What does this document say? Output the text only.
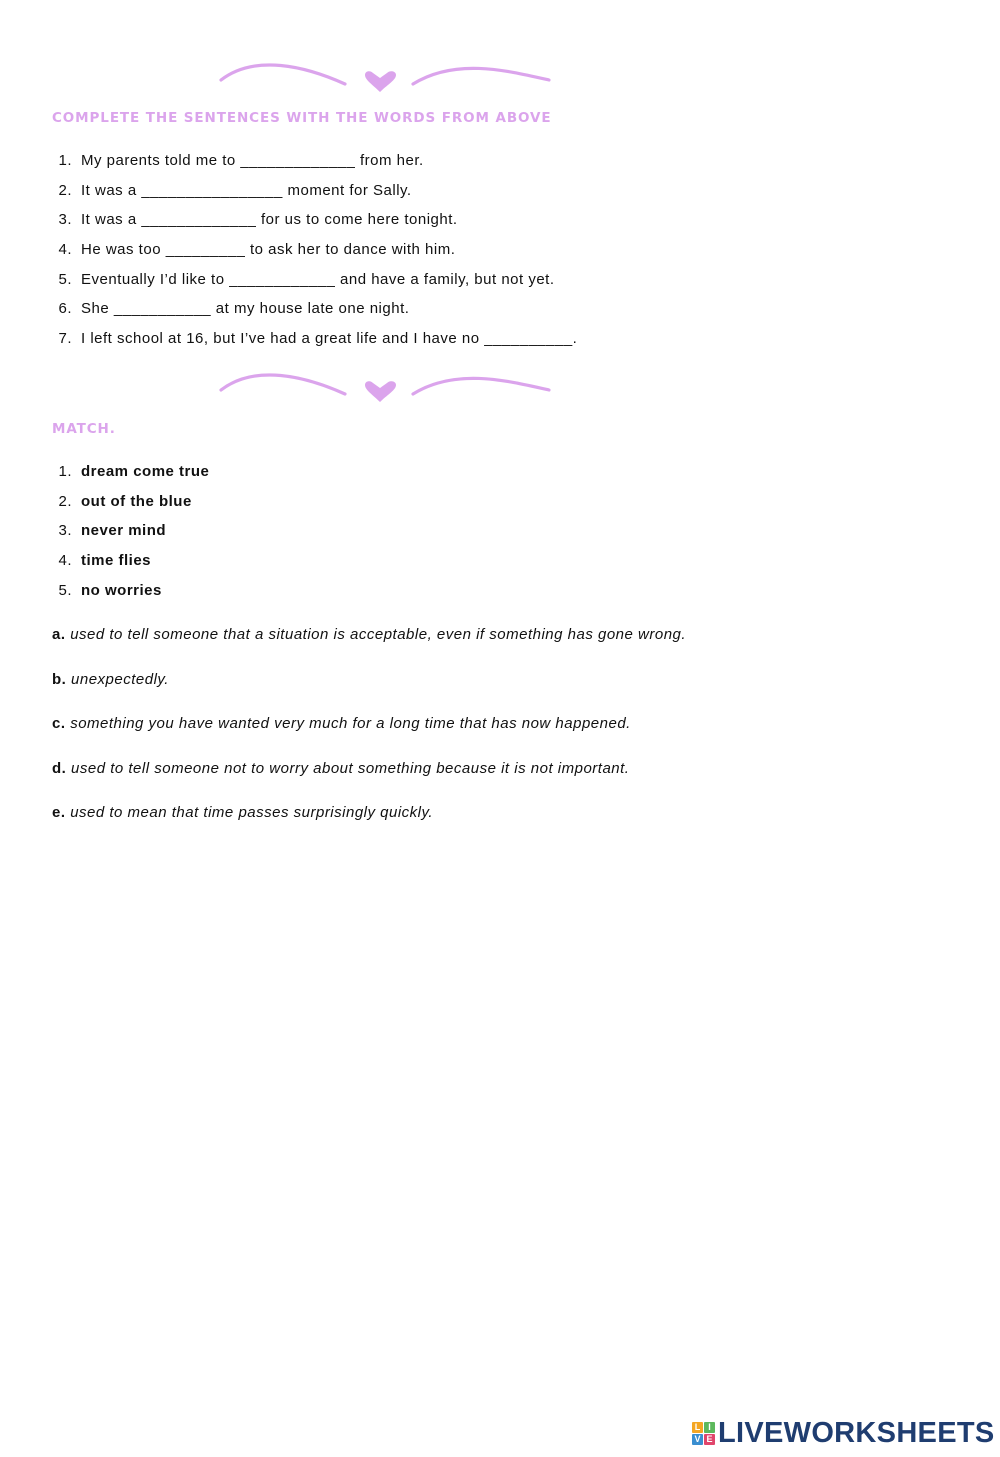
COMPLETE THE SENTENCES WITH THE WORDS FROM ABOVE
1. My parents told me to _____________ from her.
2. It was a ________________ moment for Sally.
3. It was a _____________ for us to come here tonight.
4. He was too _________ to ask her to dance with him.
5. Eventually I’d like to ____________ and have a family, but not yet.
6. She ___________ at my house late one night.
7. I left school at 16, but I’ve had a great life and I have no __________.
MATCH.
1. dream come true
2. out of the blue
3. never mind
4. time flies
5. no worries
a. used to tell someone that a situation is acceptable, even if something has gone wrong.
b. unexpectedly.
c. something you have wanted very much for a long time that has now happened.
d. used to tell someone not to worry about something because it is not important.
e. used to mean that time passes surprisingly quickly.
L I
V E LIVEWORKSHEETS
